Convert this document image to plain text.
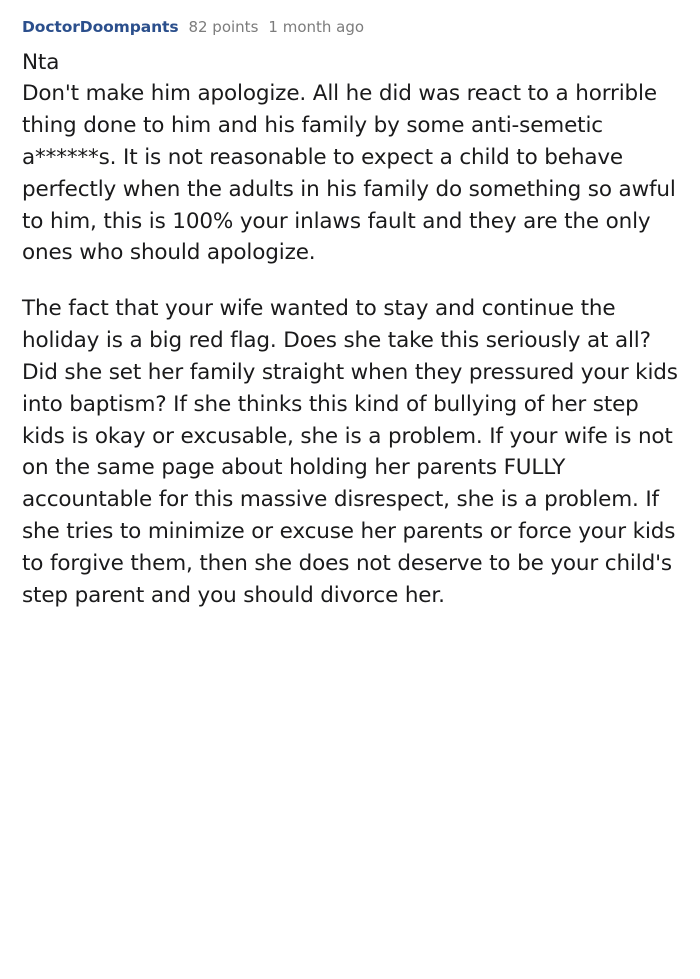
DoctorDoompants 82 points 1 month ago

Nta

Don't make him apologize. All he did was react to a horrible thing done to him and his family by some anti-semetic a******s. It is not reasonable to expect a child to behave perfectly when the adults in his family do something so awful to him, this is 100% your inlaws fault and they are the only ones who should apologize.

The fact that your wife wanted to stay and continue the holiday is a big red flag. Does she take this seriously at all? Did she set her family straight when they pressured your kids into baptism? If she thinks this kind of bullying of her step kids is okay or excusable, she is a problem. If your wife is not on the same page about holding her parents FULLY accountable for this massive disrespect, she is a problem. If she tries to minimize or excuse her parents or force your kids to forgive them, then she does not deserve to be your child's step parent and you should divorce her.
